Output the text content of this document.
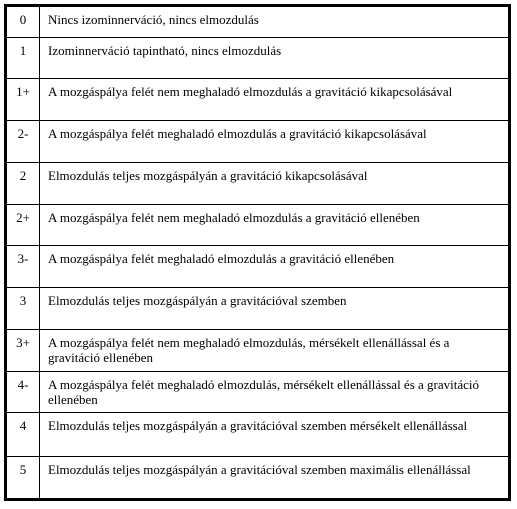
0	Nincs izominnerváció, nincs elmozdulás
1	Izominnerváció tapintható, nincs elmozdulás
1+	A mozgáspálya felét nem meghaladó elmozdulás a gravitáció kikapcsolásával
2-	A mozgáspálya felét meghaladó elmozdulás a gravitáció kikapcsolásával
2	Elmozdulás teljes mozgáspályán a gravitáció kikapcsolásával
2+	A mozgáspálya felét nem meghaladó elmozdulás a gravitáció ellenében
3-	A mozgáspálya felét meghaladó elmozdulás a gravitáció ellenében
3	Elmozdulás teljes mozgáspályán a gravitációval szemben
3+	A mozgáspálya felét nem meghaladó elmozdulás, mérsékelt ellenállással és a gravitáció ellenében
4-	A mozgáspálya felét meghaladó elmozdulás, mérsékelt ellenállással és a gravitáció ellenében
4	Elmozdulás teljes mozgáspályán a gravitációval szemben mérsékelt ellenállással
5	Elmozdulás teljes mozgáspályán a gravitációval szemben maximális ellenállással
